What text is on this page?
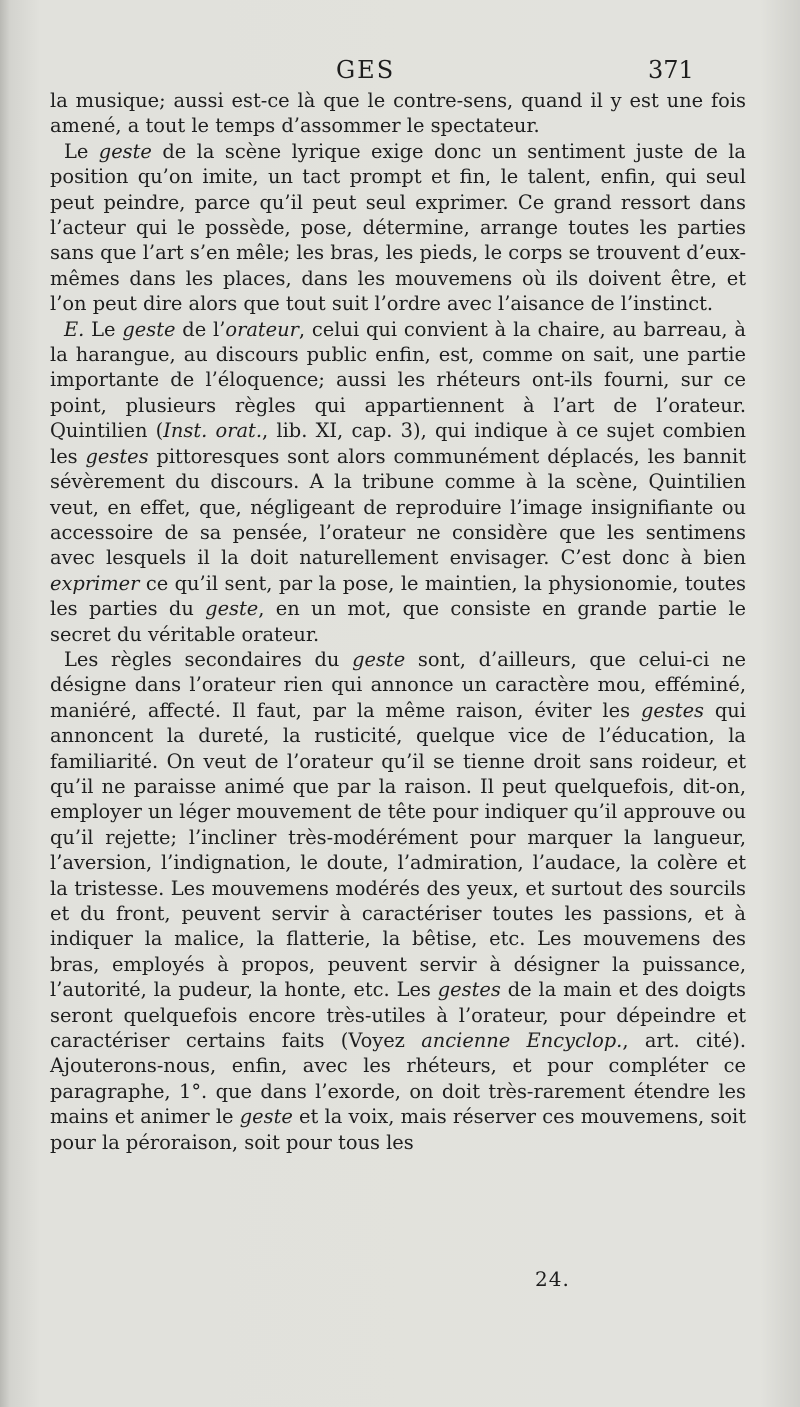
GES	371

la musique; aussi est-ce là que le contre-sens, quand il y est une fois amené, a tout le temps d’assommer le spectateur.

Le geste de la scène lyrique exige donc un sentiment juste de la position qu’on imite, un tact prompt et fin, le talent, enfin, qui seul peut peindre, parce qu’il peut seul exprimer. Ce grand ressort dans l’acteur qui le possède, pose, détermine, arrange toutes les parties sans que l’art s’en mêle; les bras, les pieds, le corps se trouvent d’eux-mêmes dans les places, dans les mouvemens où ils doivent être, et l’on peut dire alors que tout suit l’ordre avec l’aisance de l’instinct.

E. Le geste de l’orateur, celui qui convient à la chaire, au barreau, à la harangue, au discours public enfin, est, comme on sait, une partie importante de l’éloquence; aussi les rhéteurs ont-ils fourni, sur ce point, plusieurs règles qui appartiennent à l’art de l’orateur. Quintilien (Inst. orat., lib. XI, cap. 3), qui indique à ce sujet combien les gestes pittoresques sont alors communément déplacés, les bannit sévèrement du discours. A la tribune comme à la scène, Quintilien veut, en effet, que, négligeant de reproduire l’image insignifiante ou accessoire de sa pensée, l’orateur ne considère que les sentimens avec lesquels il la doit naturellement envisager. C’est donc à bien exprimer ce qu’il sent, par la pose, le maintien, la physionomie, toutes les parties du geste, en un mot, que consiste en grande partie le secret du véritable orateur.

Les règles secondaires du geste sont, d’ailleurs, que celui-ci ne désigne dans l’orateur rien qui annonce un caractère mou, efféminé, maniéré, affecté. Il faut, par la même raison, éviter les gestes qui annoncent la dureté, la rusticité, quelque vice de l’éducation, la familiarité. On veut de l’orateur qu’il se tienne droit sans roideur, et qu’il ne paraisse animé que par la raison. Il peut quelquefois, dit-on, employer un léger mouvement de tête pour indiquer qu’il approuve ou qu’il rejette; l’incliner très-modérément pour marquer la langueur, l’aversion, l’indignation, le doute, l’admiration, l’audace, la colère et la tristesse. Les mouvemens modérés des yeux, et surtout des sourcils et du front, peuvent servir à caractériser toutes les passions, et à indiquer la malice, la flatterie, la bêtise, etc. Les mouvemens des bras, employés à propos, peuvent servir à désigner la puissance, l’autorité, la pudeur, la honte, etc. Les gestes de la main et des doigts seront quelquefois encore très-utiles à l’orateur, pour dépeindre et caractériser certains faits (Voyez ancienne Encyclop., art. cité). Ajouterons-nous, enfin, avec les rhéteurs, et pour compléter ce paragraphe, 1°. que dans l’exorde, on doit très-rarement étendre les mains et animer le geste et la voix, mais réserver ces mouvemens, soit pour la péroraison, soit pour tous les

24.
